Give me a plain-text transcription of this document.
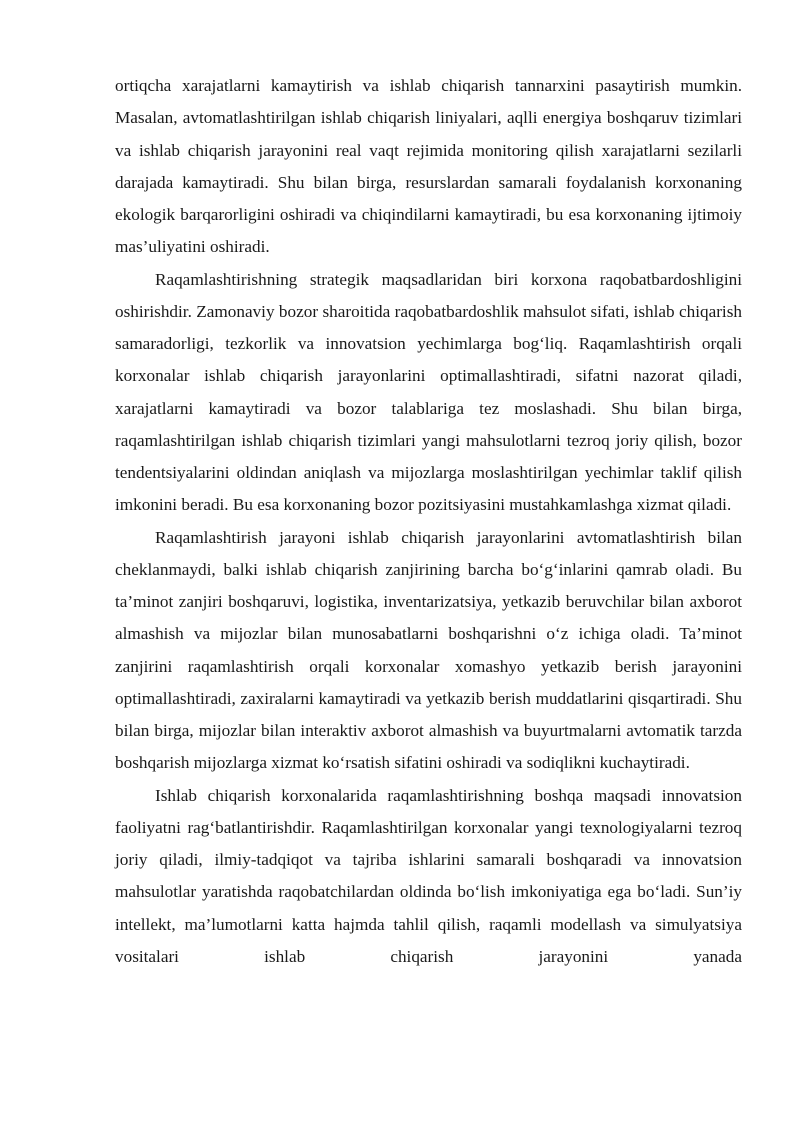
ortiqcha xarajatlarni kamaytirish va ishlab chiqarish tannarxini pasaytirish mumkin. Masalan, avtomatlashtirilgan ishlab chiqarish liniyalari, aqlli energiya boshqaruv tizimlari va ishlab chiqarish jarayonini real vaqt rejimida monitoring qilish xarajatlarni sezilarli darajada kamaytiradi. Shu bilan birga, resurslardan samarali foydalanish korxonaning ekologik barqarorligini oshiradi va chiqindilarni kamaytiradi, bu esa korxonaning ijtimoiy mas’uliyatini oshiradi.

Raqamlashtirishning strategik maqsadlaridan biri korxona raqobatbardoshligini oshirishdir. Zamonaviy bozor sharoitida raqobatbardoshlik mahsulot sifati, ishlab chiqarish samaradorligi, tezkorlik va innovatsion yechimlarga bog‘liq. Raqamlashtirish orqali korxonalar ishlab chiqarish jarayonlarini optimallashtiradi, sifatni nazorat qiladi, xarajatlarni kamaytiradi va bozor talablariga tez moslashadi. Shu bilan birga, raqamlashtirilgan ishlab chiqarish tizimlari yangi mahsulotlarni tezroq joriy qilish, bozor tendentsiyalarini oldindan aniqlash va mijozlarga moslashtirilgan yechimlar taklif qilish imkonini beradi. Bu esa korxonaning bozor pozitsiyasini mustahkamlashga xizmat qiladi.

Raqamlashtirish jarayoni ishlab chiqarish jarayonlarini avtomatlashtirish bilan cheklanmaydi, balki ishlab chiqarish zanjirining barcha bo‘g‘inlarini qamrab oladi. Bu ta’minot zanjiri boshqaruvi, logistika, inventarizatsiya, yetkazib beruvchilar bilan axborot almashish va mijozlar bilan munosabatlarni boshqarishni o‘z ichiga oladi. Ta’minot zanjirini raqamlashtirish orqali korxonalar xomashyo yetkazib berish jarayonini optimallashtiradi, zaxiralarni kamaytiradi va yetkazib berish muddatlarini qisqartiradi. Shu bilan birga, mijozlar bilan interaktiv axborot almashish va buyurtmalarni avtomatik tarzda boshqarish mijozlarga xizmat ko‘rsatish sifatini oshiradi va sodiqlikni kuchaytiradi.

Ishlab chiqarish korxonalarida raqamlashtirishning boshqa maqsadi innovatsion faoliyatni rag‘batlantirishdir. Raqamlashtirilgan korxonalar yangi texnologiyalarni tezroq joriy qiladi, ilmiy-tadqiqot va tajriba ishlarini samarali boshqaradi va innovatsion mahsulotlar yaratishda raqobatchilardan oldinda bo‘lish imkoniyatiga ega bo‘ladi. Sun’iy intellekt, ma’lumotlarni katta hajmda tahlil qilish, raqamli modellash va simulyatsiya vositalari ishlab chiqarish jarayonini yanada
